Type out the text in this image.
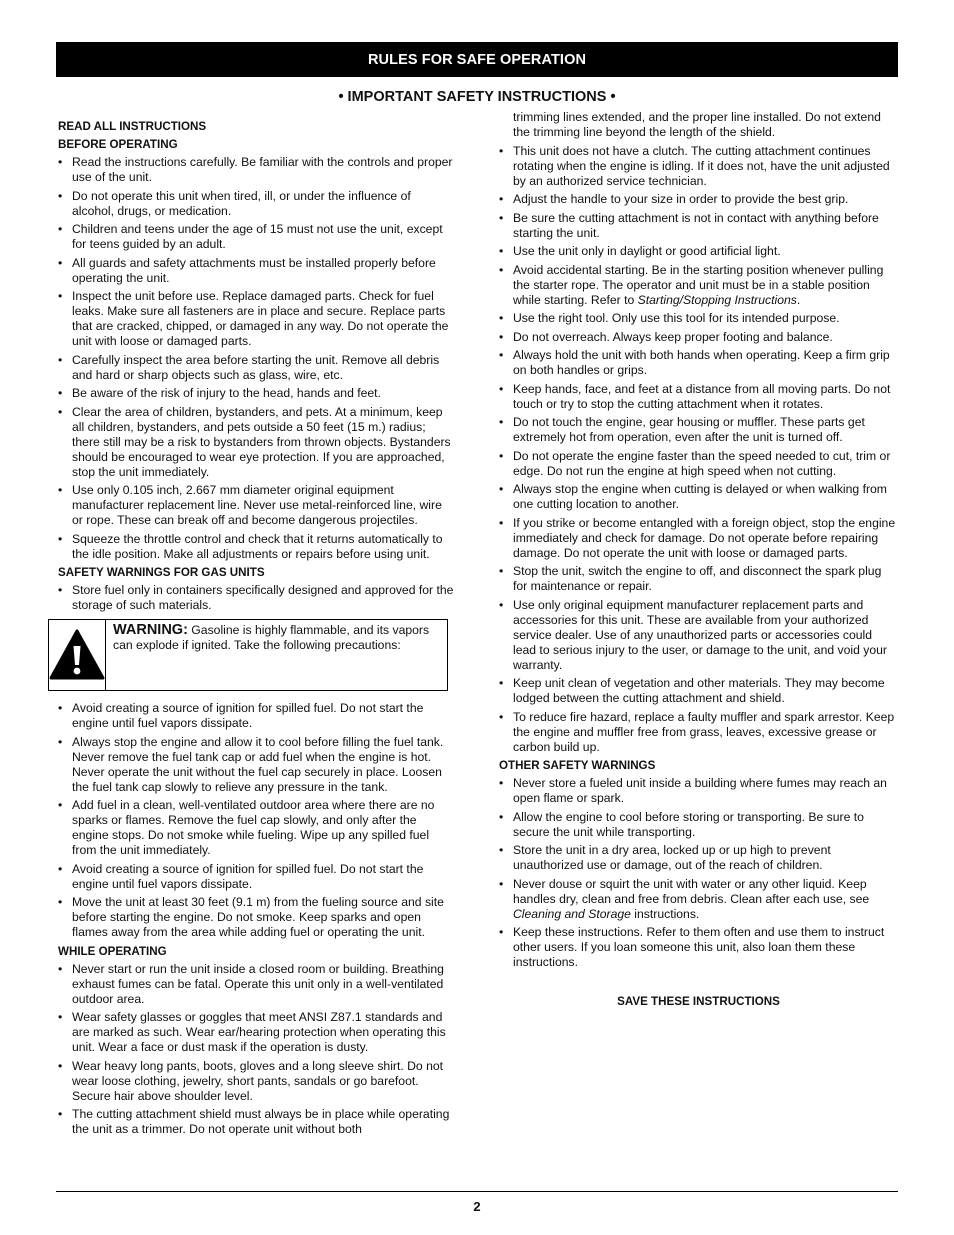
RULES FOR SAFE OPERATION
• IMPORTANT SAFETY INSTRUCTIONS •
READ ALL INSTRUCTIONS
BEFORE OPERATING
• Read the instructions carefully. Be familiar with the controls and proper use of the unit.
• Do not operate this unit when tired, ill, or under the influence of alcohol, drugs, or medication.
• Children and teens under the age of 15 must not use the unit, except for teens guided by an adult.
• All guards and safety attachments must be installed properly before operating the unit.
• Inspect the unit before use. Replace damaged parts. Check for fuel leaks. Make sure all fasteners are in place and secure. Replace parts that are cracked, chipped, or damaged in any way. Do not operate the unit with loose or damaged parts.
• Carefully inspect the area before starting the unit. Remove all debris and hard or sharp objects such as glass, wire, etc.
• Be aware of the risk of injury to the head, hands and feet.
• Clear the area of children, bystanders, and pets. At a minimum, keep all children, bystanders, and pets outside a 50 feet (15 m.) radius; there still may be a risk to bystanders from thrown objects. Bystanders should be encouraged to wear eye protection. If you are approached, stop the unit immediately.
• Use only 0.105 inch, 2.667 mm diameter original equipment manufacturer replacement line. Never use metal-reinforced line, wire or rope. These can break off and become dangerous projectiles.
• Squeeze the throttle control and check that it returns automatically to the idle position. Make all adjustments or repairs before using unit.
SAFETY WARNINGS FOR GAS UNITS
• Store fuel only in containers specifically designed and approved for the storage of such materials.
WARNING: Gasoline is highly flammable, and its vapors can explode if ignited. Take the following precautions:
• Avoid creating a source of ignition for spilled fuel. Do not start the engine until fuel vapors dissipate.
• Always stop the engine and allow it to cool before filling the fuel tank. Never remove the fuel tank cap or add fuel when the engine is hot. Never operate the unit without the fuel cap securely in place. Loosen the fuel tank cap slowly to relieve any pressure in the tank.
• Add fuel in a clean, well-ventilated outdoor area where there are no sparks or flames. Remove the fuel cap slowly, and only after the engine stops. Do not smoke while fueling. Wipe up any spilled fuel from the unit immediately.
• Avoid creating a source of ignition for spilled fuel. Do not start the engine until fuel vapors dissipate.
• Move the unit at least 30 feet (9.1 m) from the fueling source and site before starting the engine. Do not smoke. Keep sparks and open flames away from the area while adding fuel or operating the unit.
WHILE OPERATING
• Never start or run the unit inside a closed room or building. Breathing exhaust fumes can be fatal. Operate this unit only in a well-ventilated outdoor area.
• Wear safety glasses or goggles that meet ANSI Z87.1 standards and are marked as such. Wear ear/hearing protection when operating this unit. Wear a face or dust mask if the operation is dusty.
• Wear heavy long pants, boots, gloves and a long sleeve shirt. Do not wear loose clothing, jewelry, short pants, sandals or go barefoot. Secure hair above shoulder level.
• The cutting attachment shield must always be in place while operating the unit as a trimmer. Do not operate unit without both
trimming lines extended, and the proper line installed. Do not extend the trimming line beyond the length of the shield.
• This unit does not have a clutch. The cutting attachment continues rotating when the engine is idling. If it does not, have the unit adjusted by an authorized service technician.
• Adjust the handle to your size in order to provide the best grip.
• Be sure the cutting attachment is not in contact with anything before starting the unit.
• Use the unit only in daylight or good artificial light.
• Avoid accidental starting. Be in the starting position whenever pulling the starter rope. The operator and unit must be in a stable position while starting. Refer to Starting/Stopping Instructions.
• Use the right tool. Only use this tool for its intended purpose.
• Do not overreach. Always keep proper footing and balance.
• Always hold the unit with both hands when operating. Keep a firm grip on both handles or grips.
• Keep hands, face, and feet at a distance from all moving parts. Do not touch or try to stop the cutting attachment when it rotates.
• Do not touch the engine, gear housing or muffler. These parts get extremely hot from operation, even after the unit is turned off.
• Do not operate the engine faster than the speed needed to cut, trim or edge. Do not run the engine at high speed when not cutting.
• Always stop the engine when cutting is delayed or when walking from one cutting location to another.
• If you strike or become entangled with a foreign object, stop the engine immediately and check for damage. Do not operate before repairing damage. Do not operate the unit with loose or damaged parts.
• Stop the unit, switch the engine to off, and disconnect the spark plug for maintenance or repair.
• Use only original equipment manufacturer replacement parts and accessories for this unit. These are available from your authorized service dealer. Use of any unauthorized parts or accessories could lead to serious injury to the user, or damage to the unit, and void your warranty.
• Keep unit clean of vegetation and other materials. They may become lodged between the cutting attachment and shield.
• To reduce fire hazard, replace a faulty muffler and spark arrestor. Keep the engine and muffler free from grass, leaves, excessive grease or carbon build up.
OTHER SAFETY WARNINGS
• Never store a fueled unit inside a building where fumes may reach an open flame or spark.
• Allow the engine to cool before storing or transporting. Be sure to secure the unit while transporting.
• Store the unit in a dry area, locked up or up high to prevent unauthorized use or damage, out of the reach of children.
• Never douse or squirt the unit with water or any other liquid. Keep handles dry, clean and free from debris. Clean after each use, see Cleaning and Storage instructions.
• Keep these instructions. Refer to them often and use them to instruct other users. If you loan someone this unit, also loan them these instructions.
SAVE THESE INSTRUCTIONS
2
